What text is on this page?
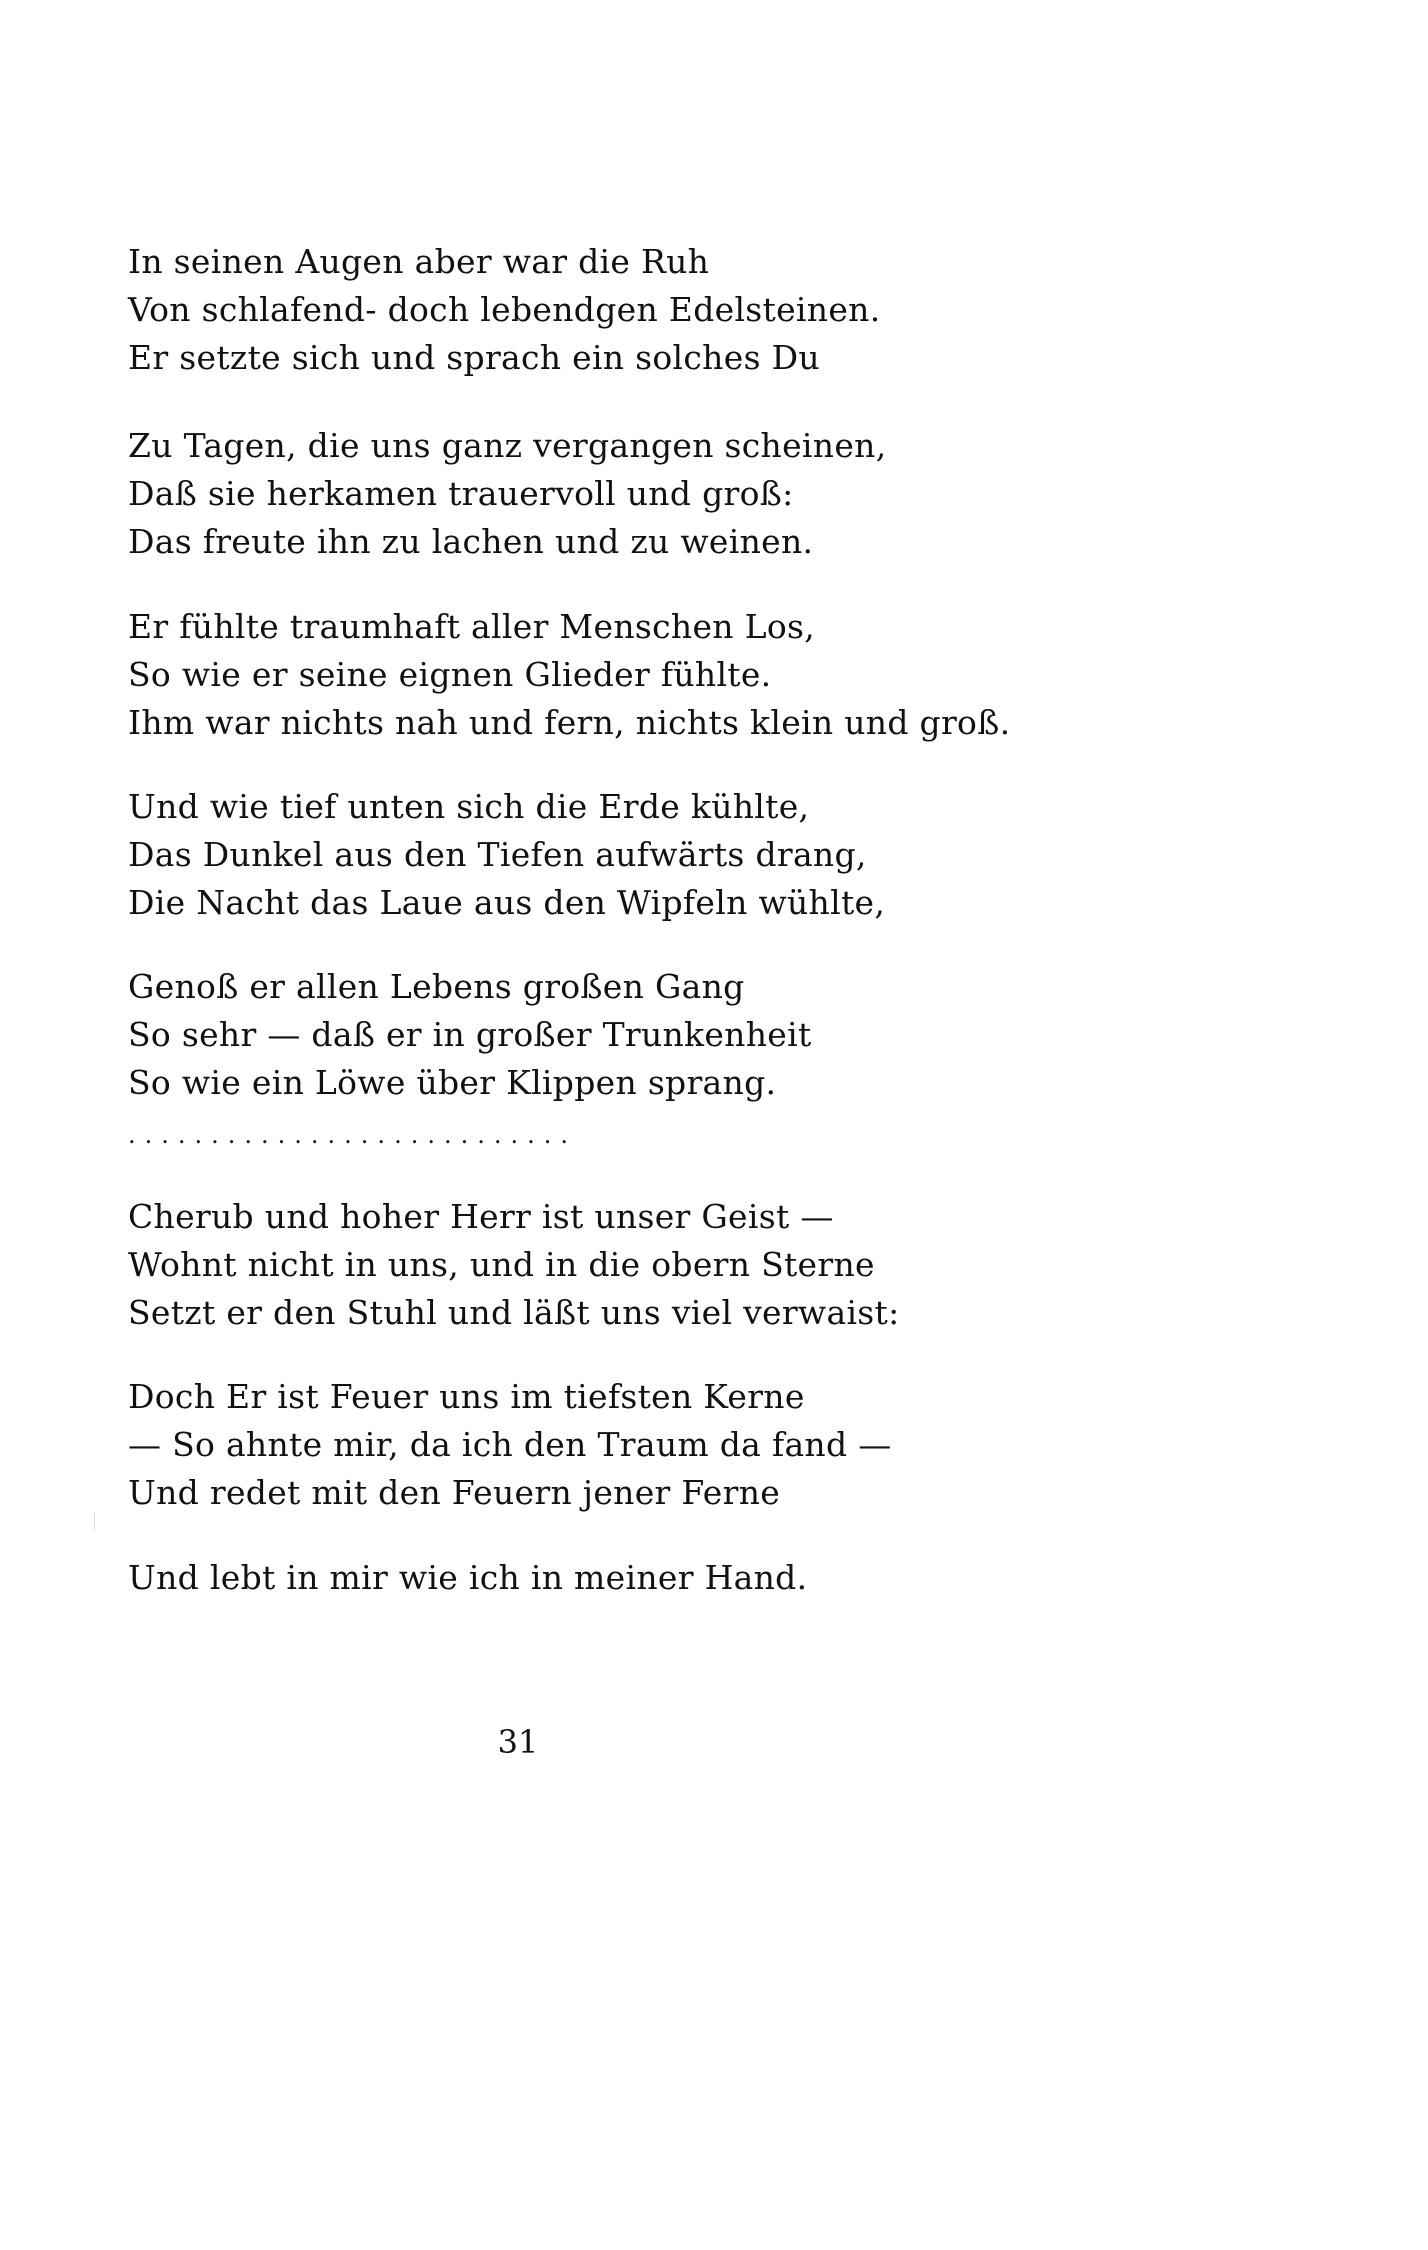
In seinen Augen aber war die Ruh
Von schlafend- doch lebendgen Edelsteinen.
Er setzte sich und sprach ein solches Du
Zu Tagen, die uns ganz vergangen scheinen,
Daß sie herkamen trauervoll und groß:
Das freute ihn zu lachen und zu weinen.
Er fühlte traumhaft aller Menschen Los,
So wie er seine eignen Glieder fühlte.
Ihm war nichts nah und fern, nichts klein und groß.
Und wie tief unten sich die Erde kühlte,
Das Dunkel aus den Tiefen aufwärts drang,
Die Nacht das Laue aus den Wipfeln wühlte,
Genoß er allen Lebens großen Gang
So sehr — daß er in großer Trunkenheit
So wie ein Löwe über Klippen sprang.
...........................
Cherub und hoher Herr ist unser Geist —
Wohnt nicht in uns, und in die obern Sterne
Setzt er den Stuhl und läßt uns viel verwaist:
Doch Er ist Feuer uns im tiefsten Kerne
— So ahnte mir, da ich den Traum da fand —
Und redet mit den Feuern jener Ferne
Und lebt in mir wie ich in meiner Hand.
31
